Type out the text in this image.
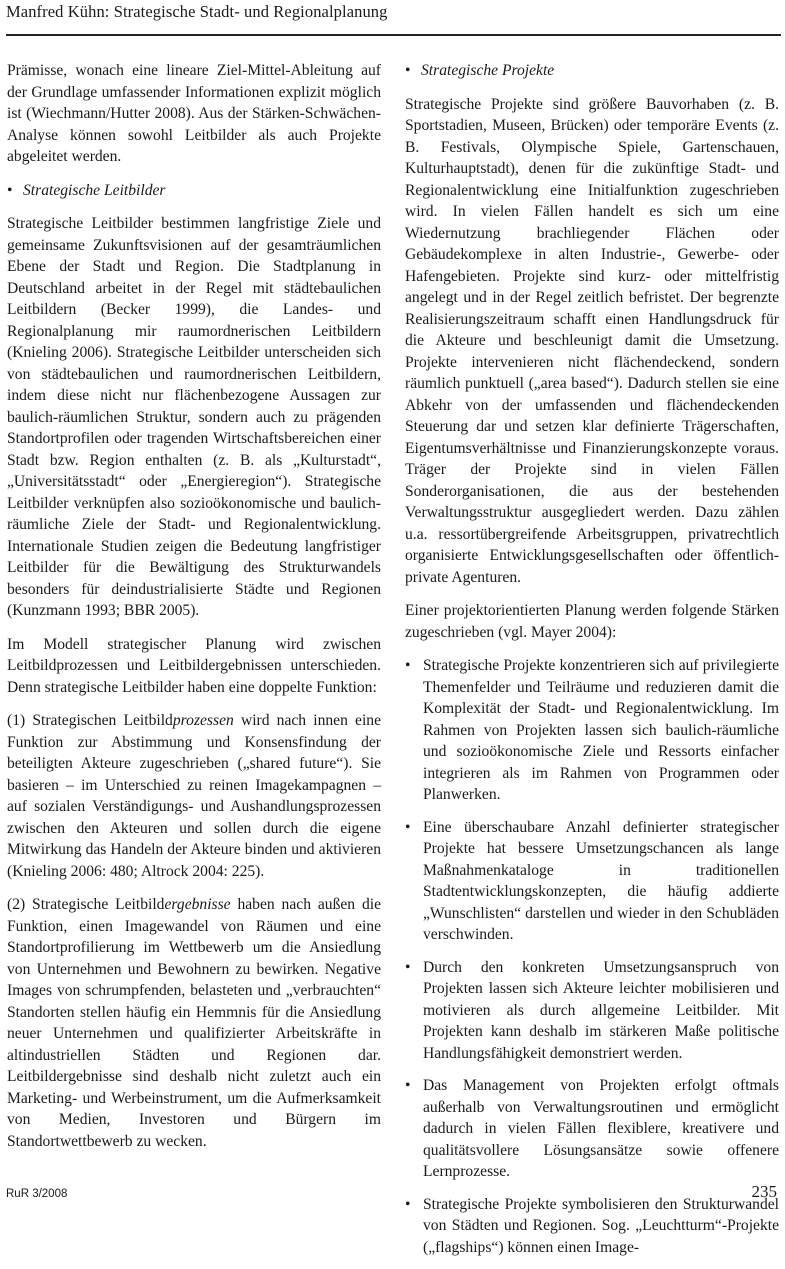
Manfred Kühn: Strategische Stadt- und Regionalplanung

Prämisse, wonach eine lineare Ziel-Mittel-Ableitung auf der Grundlage umfassender Informationen explizit möglich ist (Wiechmann/Hutter 2008). Aus der Stärken-Schwächen-Analyse können sowohl Leitbilder als auch Projekte abgeleitet werden.

• Strategische Leitbilder

Strategische Leitbilder bestimmen langfristige Ziele und gemeinsame Zukunftsvisionen auf der gesamträumlichen Ebene der Stadt und Region. Die Stadtplanung in Deutschland arbeitet in der Regel mit städtebaulichen Leitbildern (Becker 1999), die Landes- und Regionalplanung mir raumordnerischen Leitbildern (Knieling 2006). Strategische Leitbilder unterscheiden sich von städtebaulichen und raumordnerischen Leitbildern, indem diese nicht nur flächenbezogene Aussagen zur baulich-räumlichen Struktur, sondern auch zu prägenden Standortprofilen oder tragenden Wirtschaftsbereichen einer Stadt bzw. Region enthalten (z. B. als „Kulturstadt“, „Universitätsstadt“ oder „Energieregion“). Strategische Leitbilder verknüpfen also sozioökonomische und baulich-räumliche Ziele der Stadt- und Regionalentwicklung. Internationale Studien zeigen die Bedeutung langfristiger Leitbilder für die Bewältigung des Strukturwandels besonders für deindustrialisierte Städte und Regionen (Kunzmann 1993; BBR 2005).

Im Modell strategischer Planung wird zwischen Leitbildprozessen und Leitbildergebnissen unterschieden. Denn strategische Leitbilder haben eine doppelte Funktion:

(1) Strategischen Leitbildprozessen wird nach innen eine Funktion zur Abstimmung und Konsensfindung der beteiligten Akteure zugeschrieben („shared future“). Sie basieren – im Unterschied zu reinen Imagekampagnen – auf sozialen Verständigungs- und Aushandlungsprozessen zwischen den Akteuren und sollen durch die eigene Mitwirkung das Handeln der Akteure binden und aktivieren (Knieling 2006: 480; Altrock 2004: 225).

(2) Strategische Leitbildergebnisse haben nach außen die Funktion, einen Imagewandel von Räumen und eine Standortprofilierung im Wettbewerb um die Ansiedlung von Unternehmen und Bewohnern zu bewirken. Negative Images von schrumpfenden, belasteten und „verbrauchten“ Standorten stellen häufig ein Hemmnis für die Ansiedlung neuer Unternehmen und qualifizierter Arbeitskräfte in altindustriellen Städten und Regionen dar. Leitbildergebnisse sind deshalb nicht zuletzt auch ein Marketing- und Werbeinstrument, um die Aufmerksamkeit von Medien, Investoren und Bürgern im Standortwettbewerb zu wecken.

• Strategische Projekte

Strategische Projekte sind größere Bauvorhaben (z. B. Sportstadien, Museen, Brücken) oder temporäre Events (z. B. Festivals, Olympische Spiele, Gartenschauen, Kulturhauptstadt), denen für die zukünftige Stadt- und Regionalentwicklung eine Initialfunktion zugeschrieben wird. In vielen Fällen handelt es sich um eine Wiedernutzung brachliegender Flächen oder Gebäudekomplexe in alten Industrie-, Gewerbe- oder Hafengebieten. Projekte sind kurz- oder mittelfristig angelegt und in der Regel zeitlich befristet. Der begrenzte Realisierungszeitraum schafft einen Handlungsdruck für die Akteure und beschleunigt damit die Umsetzung. Projekte intervenieren nicht flächendeckend, sondern räumlich punktuell („area based“). Dadurch stellen sie eine Abkehr von der umfassenden und flächendeckenden Steuerung dar und setzen klar definierte Trägerschaften, Eigentumsverhältnisse und Finanzierungskonzepte voraus. Träger der Projekte sind in vielen Fällen Sonderorganisationen, die aus der bestehenden Verwaltungsstruktur ausgegliedert werden. Dazu zählen u.a. ressortübergreifende Arbeitsgruppen, privatrechtlich organisierte Entwicklungsgesellschaften oder öffentlich-private Agenturen.

Einer projektorientierten Planung werden folgende Stärken zugeschrieben (vgl. Mayer 2004):

• Strategische Projekte konzentrieren sich auf privilegierte Themenfelder und Teilräume und reduzieren damit die Komplexität der Stadt- und Regionalentwicklung. Im Rahmen von Projekten lassen sich baulich-räumliche und sozioökonomische Ziele und Ressorts einfacher integrieren als im Rahmen von Programmen oder Planwerken.
• Eine überschaubare Anzahl definierter strategischer Projekte hat bessere Umsetzungschancen als lange Maßnahmenkataloge in traditionellen Stadtentwicklungskonzepten, die häufig addierte „Wunschlisten“ darstellen und wieder in den Schubläden verschwinden.
• Durch den konkreten Umsetzungsanspruch von Projekten lassen sich Akteure leichter mobilisieren und motivieren als durch allgemeine Leitbilder. Mit Projekten kann deshalb im stärkeren Maße politische Handlungsfähigkeit demonstriert werden.
• Das Management von Projekten erfolgt oftmals außerhalb von Verwaltungsroutinen und ermöglicht dadurch in vielen Fällen flexiblere, kreativere und qualitätsvollere Lösungsansätze sowie offenere Lernprozesse.
• Strategische Projekte symbolisieren den Strukturwandel von Städten und Regionen. Sog. „Leuchtturm“-Projekte („flagships“) können einen Image-
RuR 3/2008	235
